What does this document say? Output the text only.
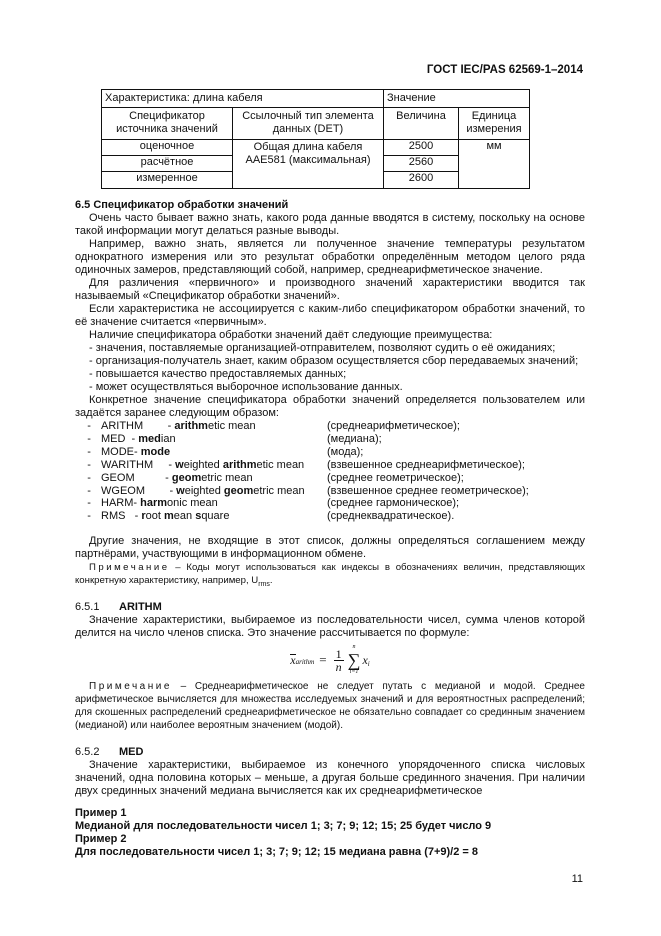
ГОСТ IEC/PAS 62569-1–2014
Характеристика: длина кабеля		Значение	
Спецификатор источника значений	Ссылочный тип элемента данных (DET)	Величина	Единица измерения
оценочное	Общая длина кабеля AAE581 (максимальная)	2500	мм
расчётное		2560	
измеренное		2600	

6.5 Спецификатор обработки значений

Очень часто бывает важно знать, какого рода данные вводятся в систему, поскольку на основе такой информации могут делаться разные выводы.

Например, важно знать, является ли полученное значение температуры результатом однократного измерения или это результат обработки определённым методом целого ряда одиночных замеров, представляющий собой, например, среднеарифметическое значение.

Для различения «первичного» и производного значений характеристики вводится так называемый «Спецификатор обработки значений».

Если характеристика не ассоциируется с каким-либо спецификатором обработки значений, то её значение считается «первичным».

Наличие спецификатора обработки значений даёт следующие преимущества:

- значения, поставляемые организацией-отправителем, позволяют судить о её ожиданиях;

- организация-получатель знает, каким образом осуществляется сбор передаваемых значений;

- повышается качество предоставляемых данных;

- может осуществляться выборочное использование данных.

Конкретное значение спецификатора обработки значений определяется пользователем или задаётся заранее следующим образом:

- ARITHM        - arithmetic mean	(среднеарифметическое);
- MED  - median	(медиана);
- MODE- mode	(мода);
- WARITHM     - weighted arithmetic mean	(взвешенное среднеарифметическое);
- GEOM          - geometric mean	(среднее геометрическое);
- WGEOM        - weighted geometric mean	(взвешенное среднее геометрическое);
- HARM- harmonic mean	(среднее гармоническое);
- RMS   - root mean square	(среднеквадратическое).

Другие значения, не входящие в этот список, должны определяться соглашением между партнёрами, участвующими в информационном обмене.

Примечание – Коды могут использоваться как индексы в обозначениях величин, представляющих конкретную характеристику, например, $U_{rms}$.

6.5.1 ARITHM

Значение характеристики, выбираемое из последовательности чисел, сумма членов которой делится на число членов списка. Это значение рассчитывается по формуле:

x arithm = $\frac{1}{n}$
n
∑
i=1
x i

Примечание – Среднеарифметическое не следует путать с медианой и модой. Среднее арифметическое вычисляется для множества исследуемых значений и для вероятностных распределений; для скошенных распределений среднеарифметическое не обязательно совпадает со срединным значением (медианой) или наиболее вероятным значением (модой).

6.5.2 MED

Значение характеристики, выбираемое из конечного упорядоченного списка числовых значений, одна половина которых – меньше, а другая больше срединного значения. При наличии двух срединных значений медиана вычисляется как их среднеарифметическое

Пример 1

Медианой для последовательности чисел 1; 3; 7; 9; 12; 15; 25 будет число 9

Пример 2

Для последовательности чисел 1; 3; 7; 9; 12; 15 медиана равна (7+9)/2 = 8

11
